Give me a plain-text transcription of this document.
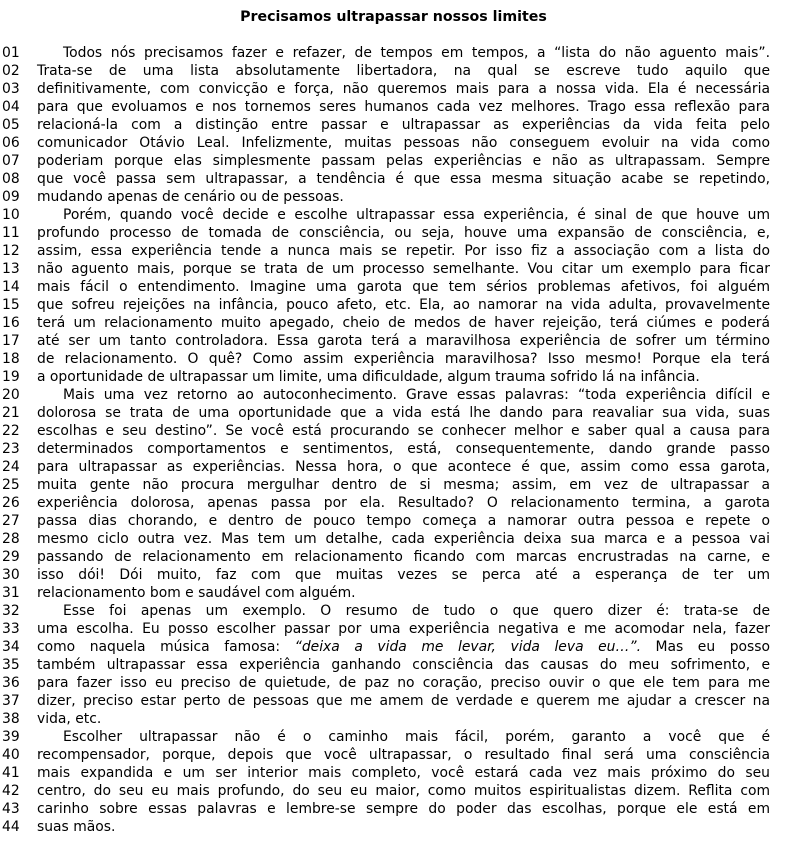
Precisamos ultrapassar nossos limites
01	Todos nós precisamos fazer e refazer, de tempos em tempos, a “lista do não aguento mais”.
02	Trata-se de uma lista absolutamente libertadora, na qual se escreve tudo aquilo que
03	definitivamente, com convicção e força, não queremos mais para a nossa vida. Ela é necessária
04	para que evoluamos e nos tornemos seres humanos cada vez melhores. Trago essa reflexão para
05	relacioná-la com a distinção entre passar e ultrapassar as experiências da vida feita pelo
06	comunicador Otávio Leal. Infelizmente, muitas pessoas não conseguem evoluir na vida como
07	poderiam porque elas simplesmente passam pelas experiências e não as ultrapassam. Sempre
08	que você passa sem ultrapassar, a tendência é que essa mesma situação acabe se repetindo,
09	mudando apenas de cenário ou de pessoas.
10	Porém, quando você decide e escolhe ultrapassar essa experiência, é sinal de que houve um
11	profundo processo de tomada de consciência, ou seja, houve uma expansão de consciência, e,
12	assim, essa experiência tende a nunca mais se repetir. Por isso fiz a associação com a lista do
13	não aguento mais, porque se trata de um processo semelhante. Vou citar um exemplo para ficar
14	mais fácil o entendimento. Imagine uma garota que tem sérios problemas afetivos, foi alguém
15	que sofreu rejeições na infância, pouco afeto, etc. Ela, ao namorar na vida adulta, provavelmente
16	terá um relacionamento muito apegado, cheio de medos de haver rejeição, terá ciúmes e poderá
17	até ser um tanto controladora. Essa garota terá a maravilhosa experiência de sofrer um término
18	de relacionamento. O quê? Como assim experiência maravilhosa? Isso mesmo! Porque ela terá
19	a oportunidade de ultrapassar um limite, uma dificuldade, algum trauma sofrido lá na infância.
20	Mais uma vez retorno ao autoconhecimento. Grave essas palavras: “toda experiência difícil e
21	dolorosa se trata de uma oportunidade que a vida está lhe dando para reavaliar sua vida, suas
22	escolhas e seu destino”. Se você está procurando se conhecer melhor e saber qual a causa para
23	determinados comportamentos e sentimentos, está, consequentemente, dando grande passo
24	para ultrapassar as experiências. Nessa hora, o que acontece é que, assim como essa garota,
25	muita gente não procura mergulhar dentro de si mesma; assim, em vez de ultrapassar a
26	experiência dolorosa, apenas passa por ela. Resultado? O relacionamento termina, a garota
27	passa dias chorando, e dentro de pouco tempo começa a namorar outra pessoa e repete o
28	mesmo ciclo outra vez. Mas tem um detalhe, cada experiência deixa sua marca e a pessoa vai
29	passando de relacionamento em relacionamento ficando com marcas encrustradas na carne, e
30	isso dói! Dói muito, faz com que muitas vezes se perca até a esperança de ter um
31	relacionamento bom e saudável com alguém.
32	Esse foi apenas um exemplo. O resumo de tudo o que quero dizer é: trata-se de
33	uma escolha. Eu posso escolher passar por uma experiência negativa e me acomodar nela, fazer
34	como naquela música famosa: “deixa a vida me levar, vida leva eu…”. Mas eu posso
35	também ultrapassar essa experiência ganhando consciência das causas do meu sofrimento, e
36	para fazer isso eu preciso de quietude, de paz no coração, preciso ouvir o que ele tem para me
37	dizer, preciso estar perto de pessoas que me amem de verdade e querem me ajudar a crescer na
38	vida, etc.
39	Escolher ultrapassar não é o caminho mais fácil, porém, garanto a você que é
40	recompensador, porque, depois que você ultrapassar, o resultado final será uma consciência
41	mais expandida e um ser interior mais completo, você estará cada vez mais próximo do seu
42	centro, do seu eu mais profundo, do seu eu maior, como muitos espiritualistas dizem. Reflita com
43	carinho sobre essas palavras e lembre-se sempre do poder das escolhas, porque ele está em
44	suas mãos.
